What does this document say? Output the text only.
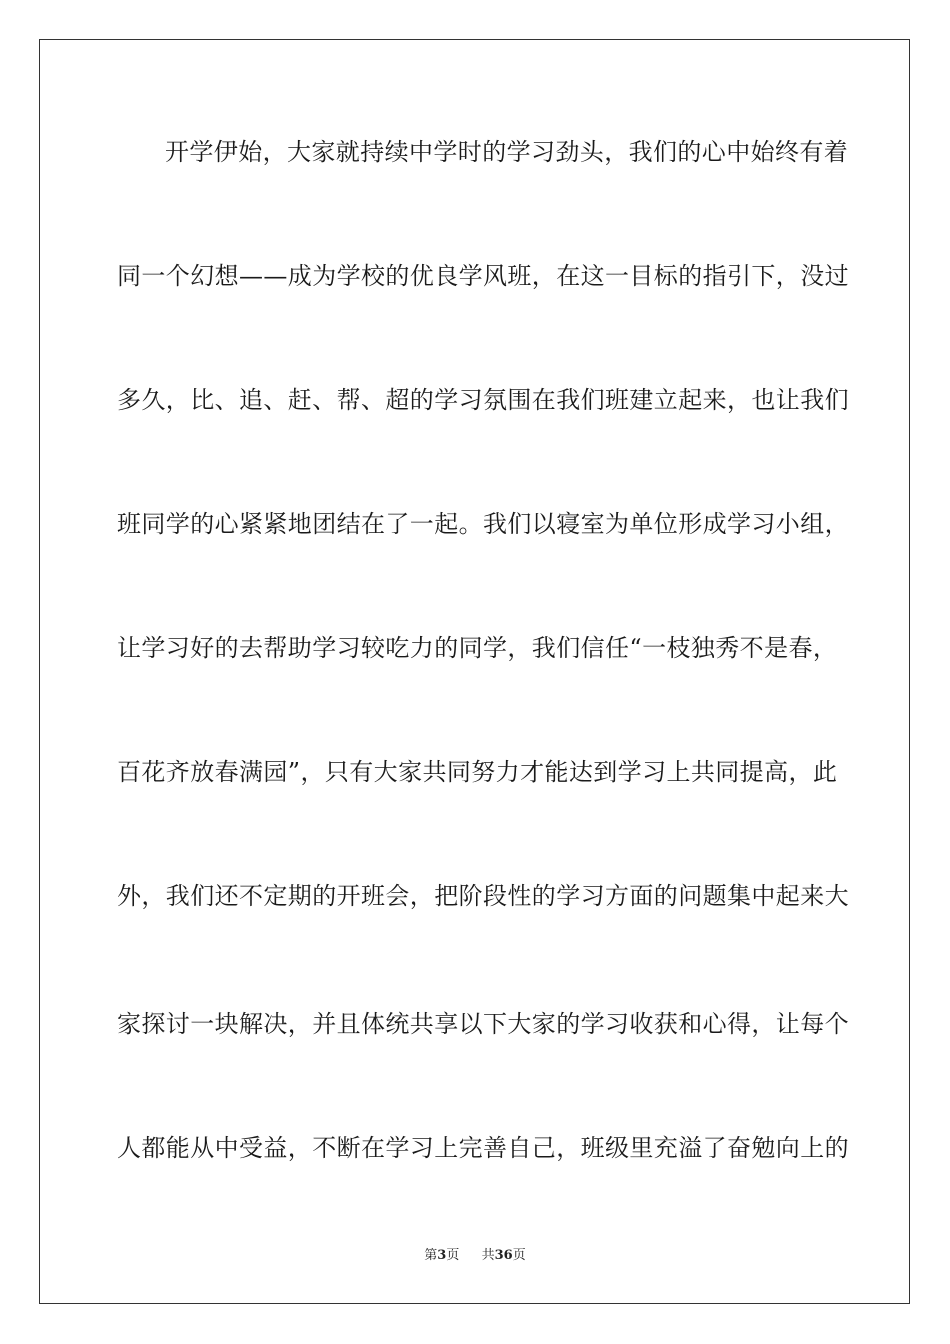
开学伊始，大家就持续中学时的学习劲头，我们的心中始终有着
同一个幻想——成为学校的优良学风班，在这一目标的指引下，没过
多久，比、追、赶、帮、超的学习氛围在我们班建立起来，也让我们
班同学的心紧紧地团结在了一起。我们以寝室为单位形成学习小组，
让学习好的去帮助学习较吃力的同学，我们信任“一枝独秀不是春，
百花齐放春满园”，只有大家共同努力才能达到学习上共同提高，此
外，我们还不定期的开班会，把阶段性的学习方面的问题集中起来大
家探讨一块解决，并且体统共享以下大家的学习收获和心得，让每个
人都能从中受益，不断在学习上完善自己，班级里充溢了奋勉向上的
第3页 共36页
